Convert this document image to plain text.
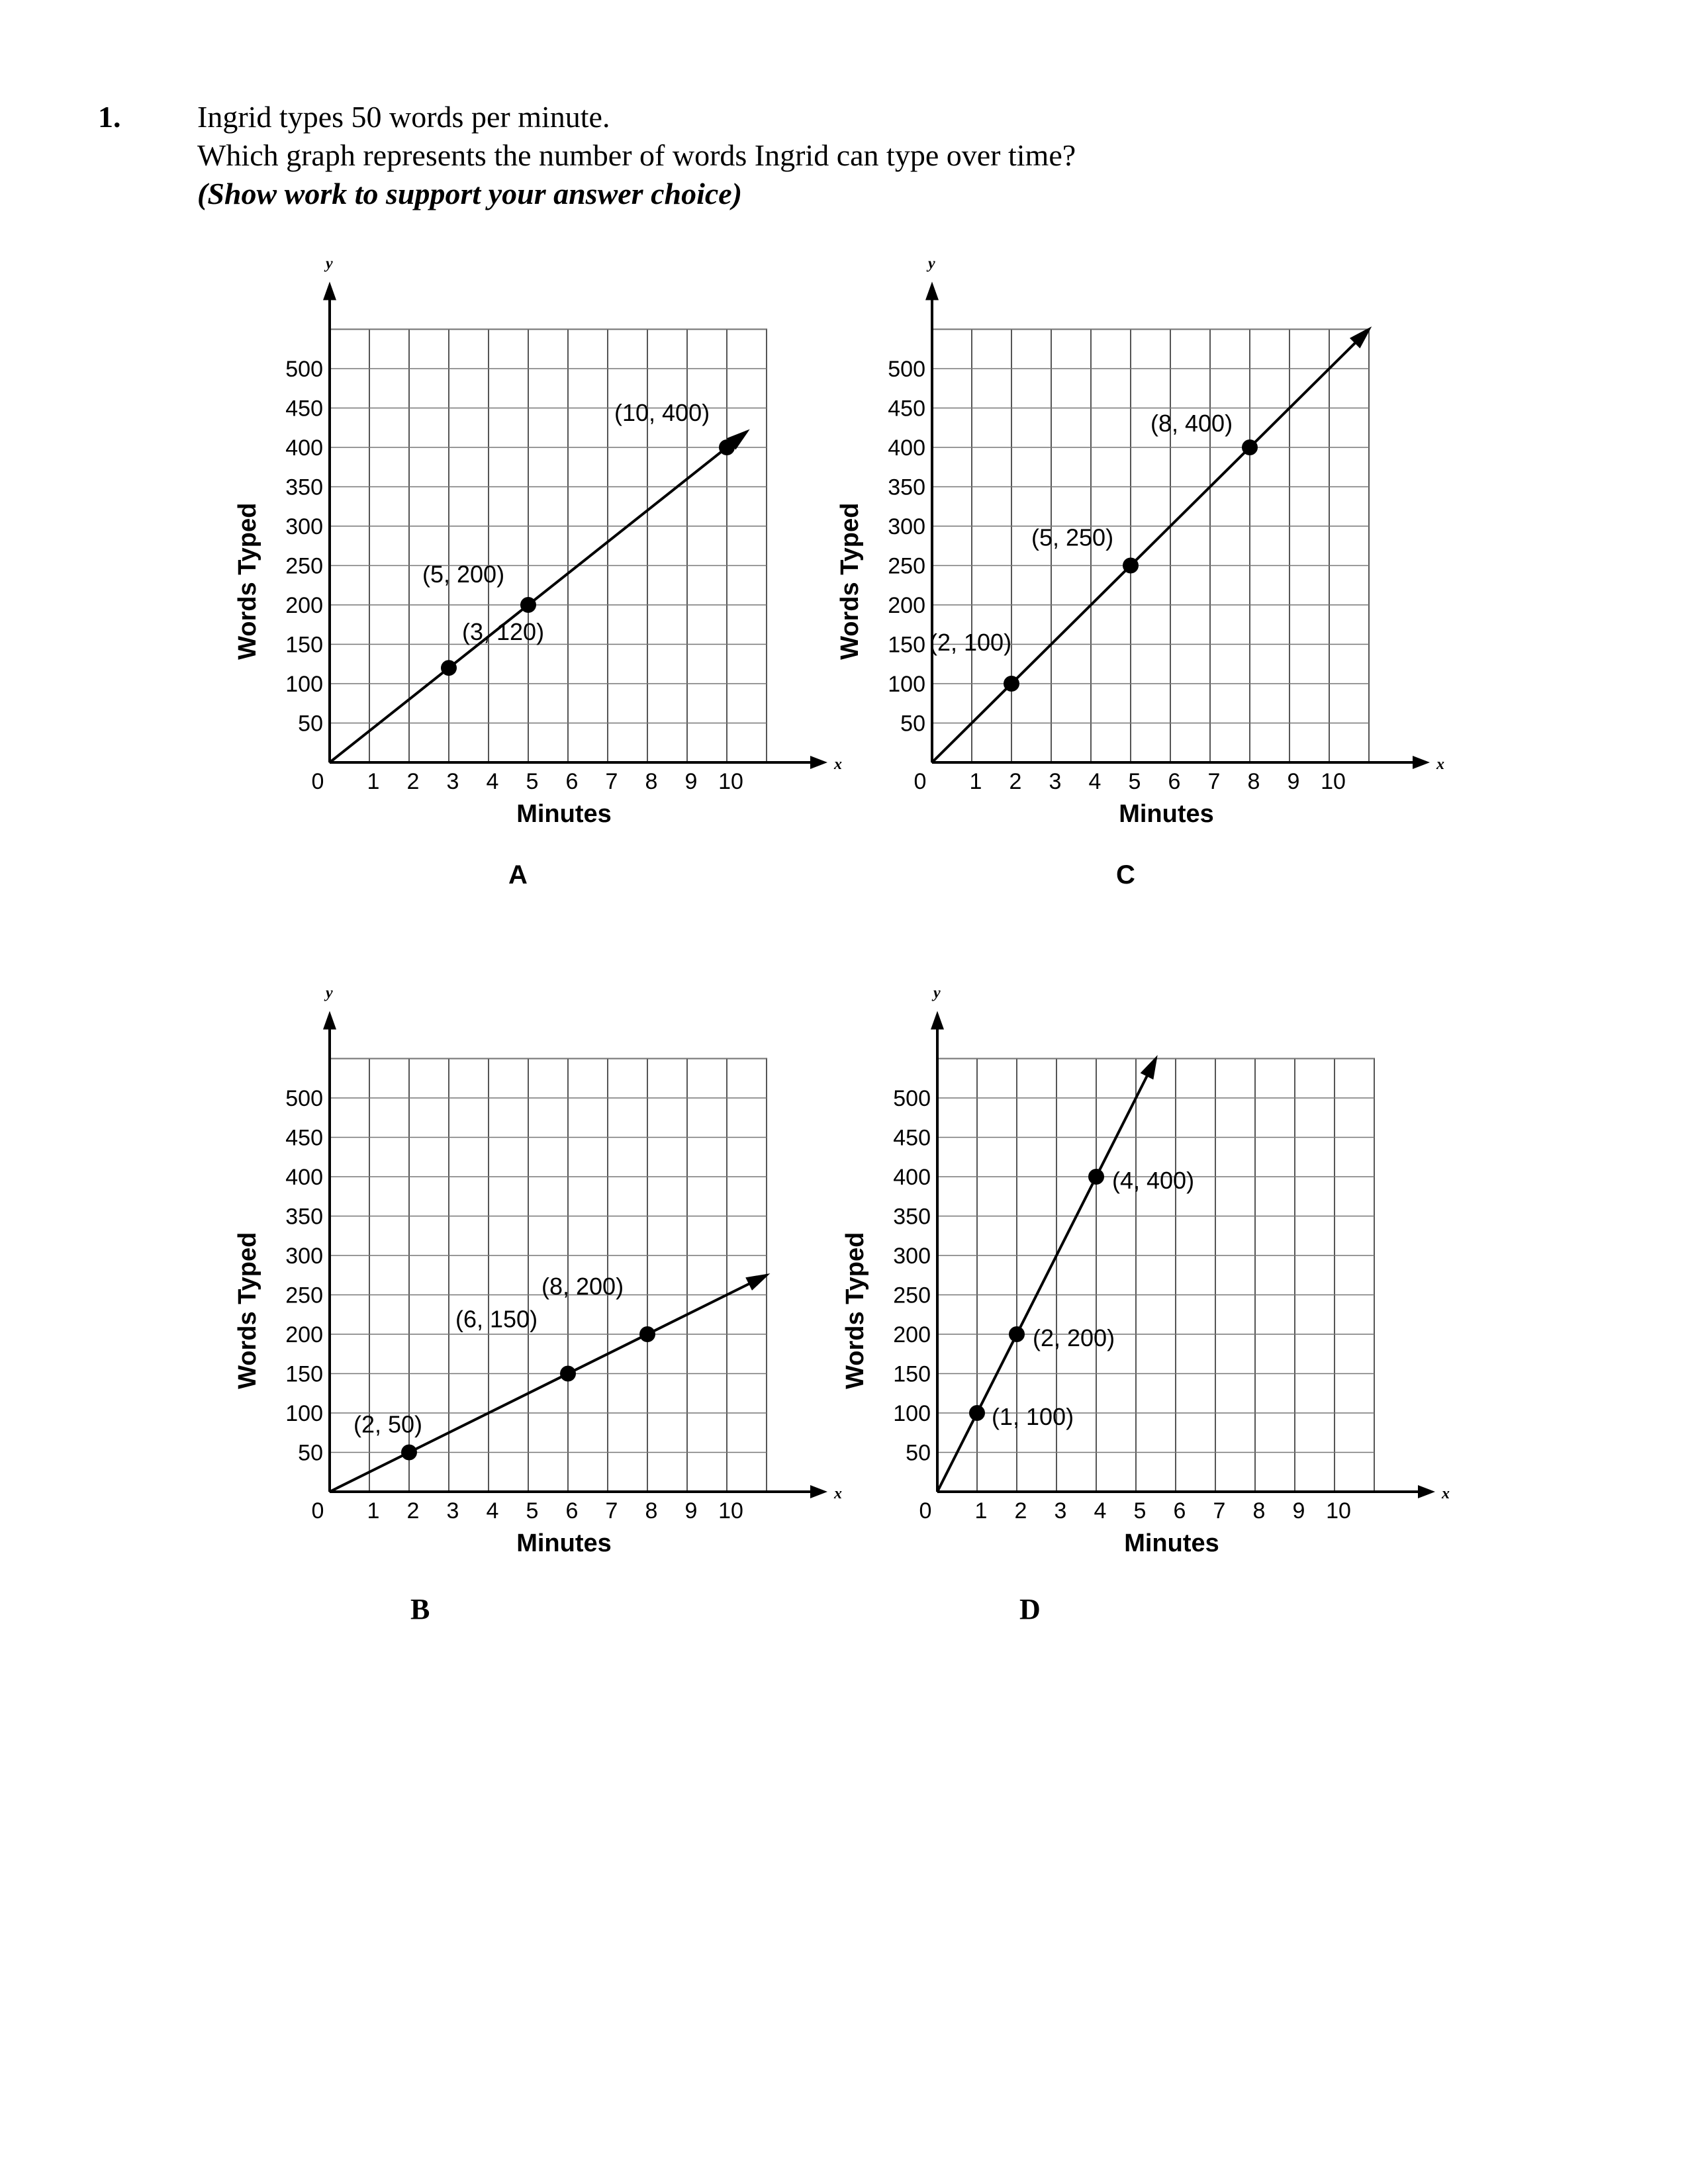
1.	Ingrid types 50 words per minute.
Which graph represents the number of words Ingrid can type over time?
(Show work to support your answer choice)
x
y
0 1 2 3 4 5 6 7 8 9 10
50
100
150
200
250
300
350
400
450
500
Minutes
Words Typed	(3, 120)
(5, 200)
(10, 400)
x
y
0 1 2 3 4 5 6 7 8 9 10
50
100
150
200
250
300
350
400
450
500
Minutes
Words Typed	(2, 100)
(5, 250)
(8, 400)
x
y
0 1 2 3 4 5 6 7 8 9 10
50
100
150
200
250
300
350
400
450
500
Minutes
Words Typed
(2, 50)
(6, 150)
(8, 200)
x
y
0 1 2 3 4 5 6 7 8 9 10
50
100
150
200
250
300
350
400
450
500
Minutes
Words Typed
(1, 100)
(2, 200)
(4, 400)
A	C
B	D
